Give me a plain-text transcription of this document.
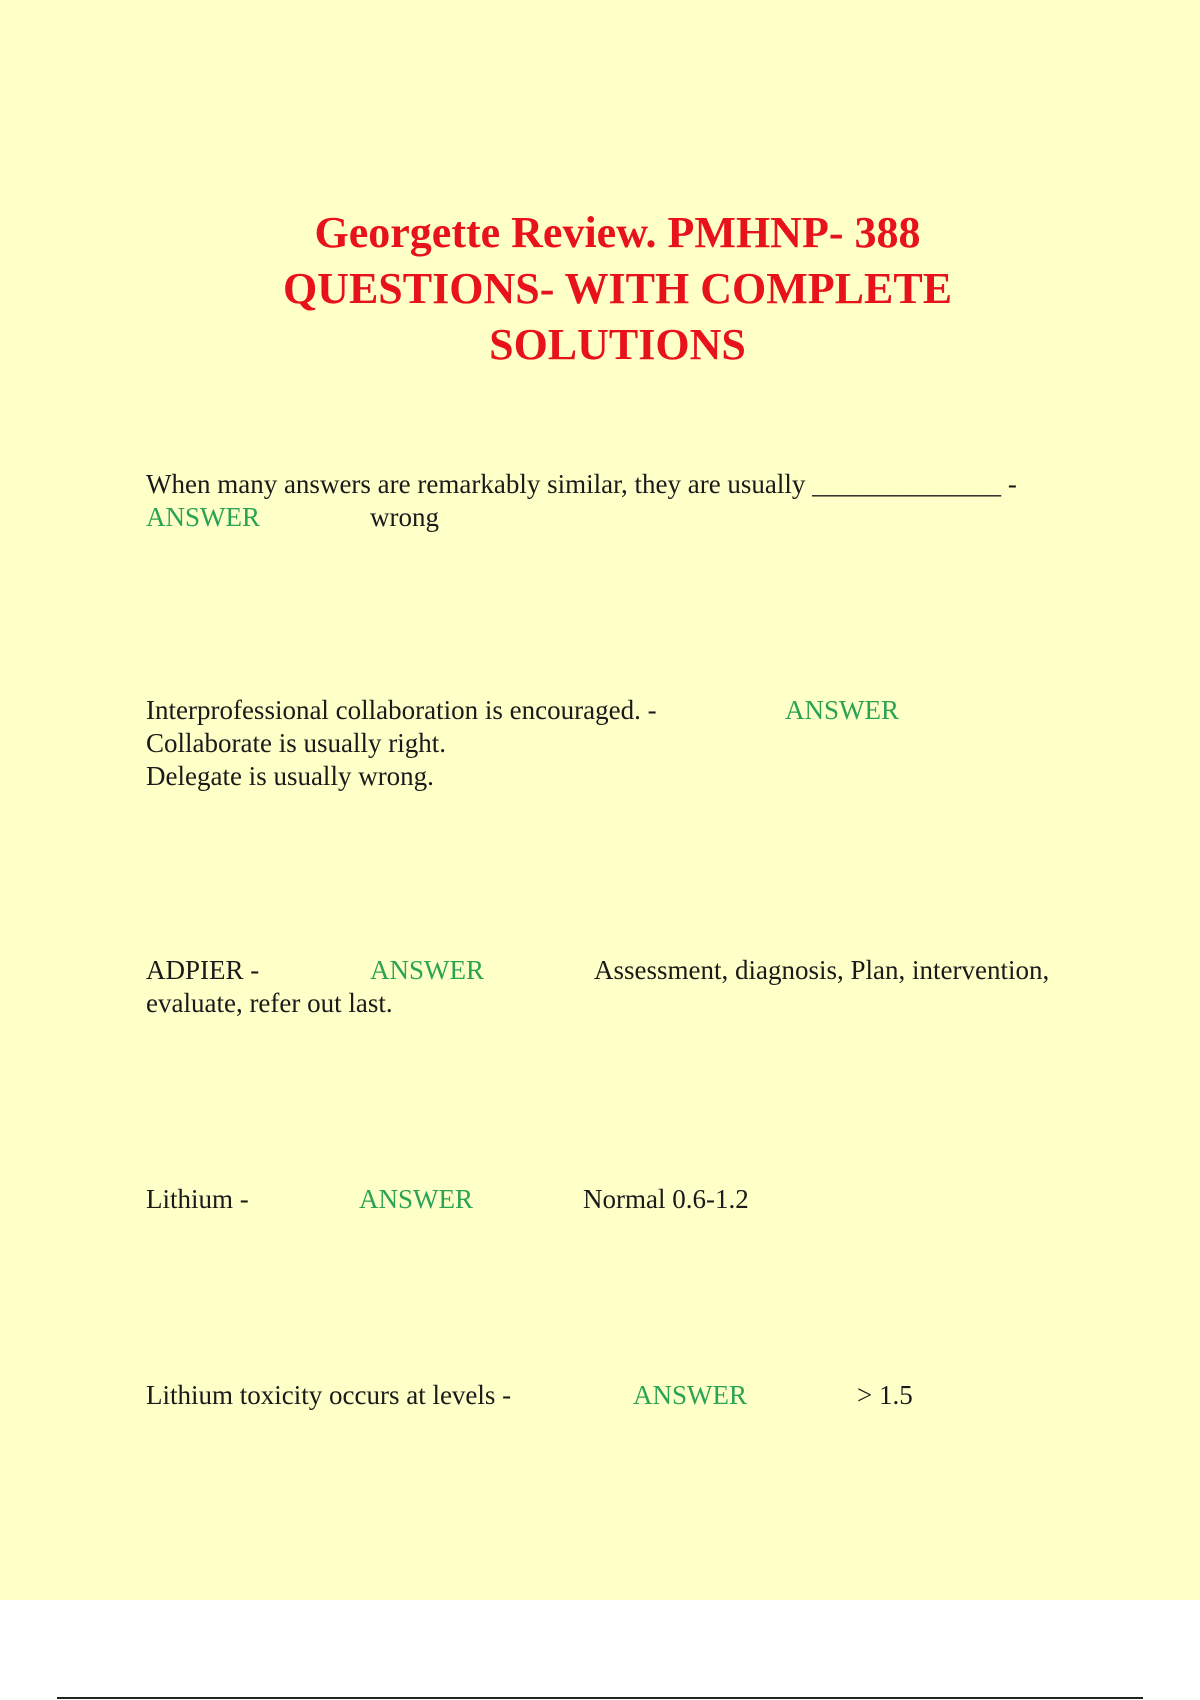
Georgette Review. PMHNP- 388
QUESTIONS- WITH COMPLETE
SOLUTIONS
When many answers are remarkably similar, they are usually ______________ -
ANSWER	wrong
Interprofessional collaboration is encouraged. -	ANSWER
Collaborate is usually right.
Delegate is usually wrong.
ADPIER -	ANSWER	Assessment, diagnosis, Plan, intervention,
evaluate, refer out last.
Lithium -	ANSWER	Normal 0.6-1.2
Lithium toxicity occurs at levels -	ANSWER	> 1.5
